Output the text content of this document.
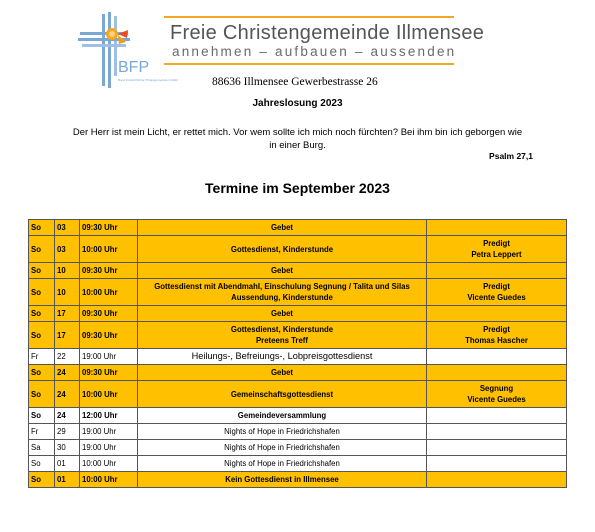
BFP
Bund Freikirchlicher Pfingstgemeinden KdöR
Freie Christengemeinde Illmensee
annehmen – aufbauen – aussenden
88636 Illmensee Gewerbestrasse 26
Jahreslosung 2023
Der Herr ist mein Licht, er rettet mich. Vor wem sollte ich mich noch fürchten? Bei ihm bin ich geborgen wie in einer Burg.
Psalm 27,1
Termine im September 2023
So	03	09:30 Uhr	Gebet	
So	03	10:00 Uhr	Gottesdienst, Kinderstunde	Predigt
Petra Leppert
So	10	09:30 Uhr	Gebet	
So	10	10:00 Uhr	Gottesdienst mit Abendmahl, Einschulung Segnung / Talita und Silas
Aussendung, Kinderstunde	Predigt
Vicente Guedes
So	17	09:30 Uhr	Gebet	
So	17	09:30 Uhr	Gottesdienst, Kinderstunde
Preteens Treff	Predigt
Thomas Hascher
Fr	22	19:00 Uhr	Heilungs-, Befreiungs-, Lobpreisgottesdienst	
So	24	09:30 Uhr	Gebet	
So	24	10:00 Uhr	Gemeinschaftsgottesdienst	Segnung
Vicente Guedes
So	24	12:00 Uhr	Gemeindeversammlung	
Fr	29	19:00 Uhr	Nights of Hope in Friedrichshafen	
Sa	30	19:00 Uhr	Nights of Hope in Friedrichshafen	
So	01	10:00 Uhr	Nights of Hope in Friedrichshafen	
So	01	10:00 Uhr	Kein Gottesdienst in Illmensee	
